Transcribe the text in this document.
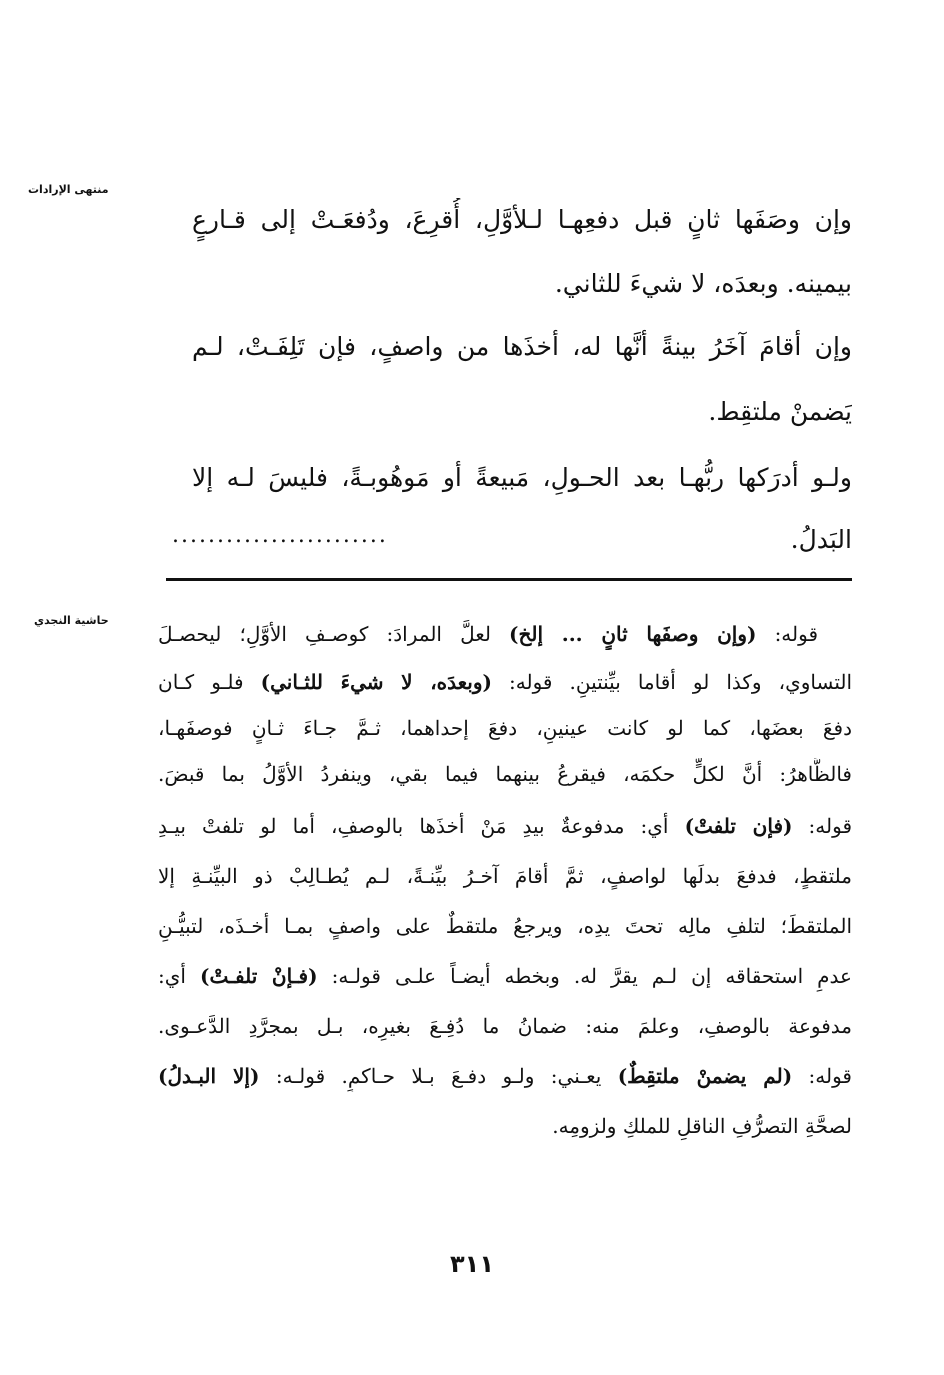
منتهى الإرادات
حاشية النجدي
وإن وصَفَها ثانٍ قبل دفعِهـا لـلأوَّلِ، أُقرِعَ، ودُفعَـتْ إلى قـارعٍ
بيمينه. وبعدَه، لا شيءَ للثاني.
وإن أقامَ آخَرُ بينةً أنَّها له، أخذَها من واصفٍ، فإن تَلِفَـتْ، لـم
يَضمنْ ملتقِط.
ولـو أدرَكها ربُّهـا بعد الحـولِ، مَبيعةً أو مَوهُوبـةً، فليسَ لـه إلا
البَدلُ.
........................
قوله: (وإن وصفَها ثانٍ ... إلخ) لعلَّ المرادَ: كوصـفِ الأوَّلِ؛ ليحصـلَ
التساوي، وكذا لو أقاما بيِّنتينِ. قوله: (وبعدَه، لا شيءَ للثـاني) فلـو كـان
دفعَ بعضَها، كما لو كانت عينينِ، دفعَ إحداهما، ثـمَّ جـاءَ ثـانٍ فوصفَهـا،
فالظَّاهرُ: أنَّ لكلٍّ حكمَه، فيقرعُ بينهما فيما بقي، وينفردُ الأوَّلُ بما قبضَ.
قوله: (فإن تلفتْ) أي: مدفوعةٌ بيدِ مَنْ أخذَها بالوصفِ، أما لو تلفتْ بيـدِ
ملتقطٍ، فدفعَ بدلَها لواصفٍ، ثمَّ أقامَ آخـرُ بيِّنـةً، لـم يُطـالِبْ ذو البيِّنـةِ إلا
الملتقطَ؛ لتلفِ مالِه تحتَ يدِه، ويرجعُ ملتقطٌ على واصفٍ بمـا أخـذَه، لتبيُّـنِ
عدمِ استحقاقه إن لـم يقرَّ له. وبخطه أيضـاً علـى قولـه: (فـإنْ تلفـتْ) أي:
مدفوعة بالوصفِ، وعلمَ منه: ضمانُ ما دُفِـعَ بغيرِه، بـل بمجرَّدِ الدَّعـوى.
قوله: (لم يضمنْ ملتقِطٌ) يعـني: ولـو دفـعَ بـلا حـاكمٍ. قولـه: (إلا البـدلُ)
لصحَّةِ التصرُّفِ الناقلِ للملكِ ولزومِه.
٣١١
